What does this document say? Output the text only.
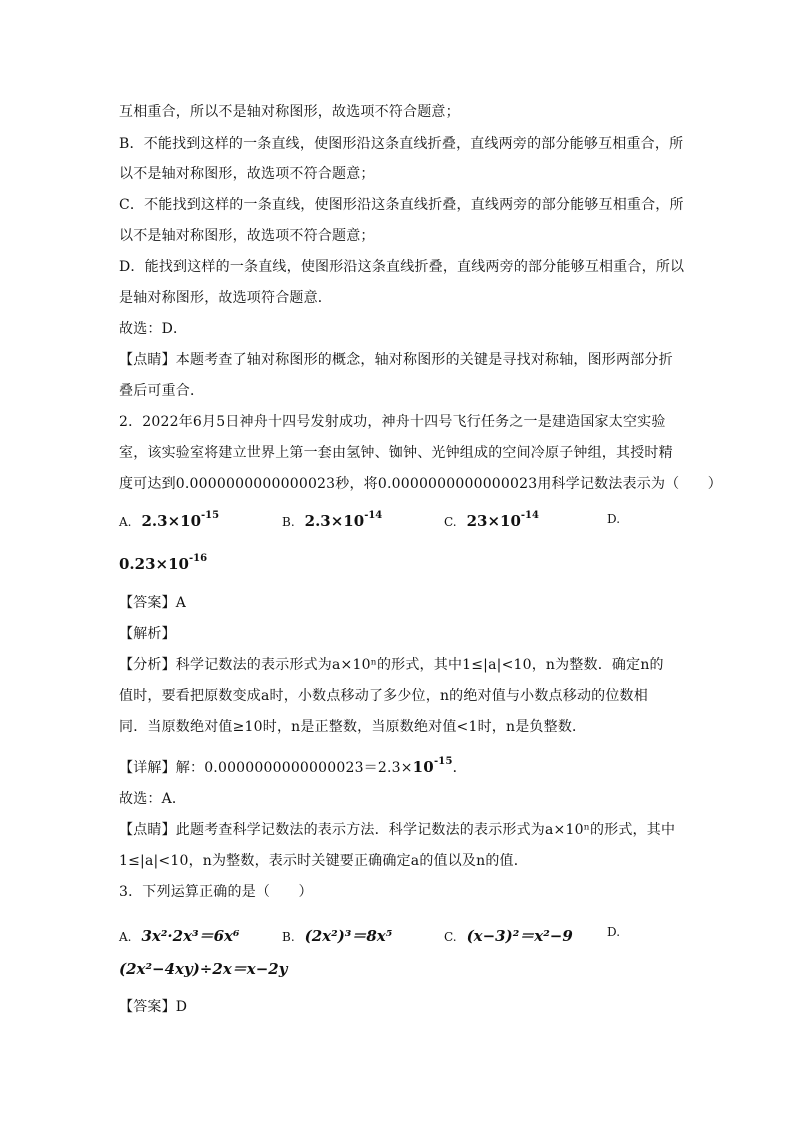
互相重合，所以不是轴对称图形，故选项不符合题意；
B．不能找到这样的一条直线，使图形沿这条直线折叠，直线两旁的部分能够互相重合，所
以不是轴对称图形，故选项不符合题意；
C．不能找到这样的一条直线，使图形沿这条直线折叠，直线两旁的部分能够互相重合，所
以不是轴对称图形，故选项不符合题意；
D．能找到这样的一条直线，使图形沿这条直线折叠，直线两旁的部分能够互相重合，所以
是轴对称图形，故选项符合题意．
故选：D．
【点睛】本题考查了轴对称图形的概念，轴对称图形的关键是寻找对称轴，图形两部分折
叠后可重合．
2．2022年6月5日神舟十四号发射成功，神舟十四号飞行任务之一是建造国家太空实验
室，该实验室将建立世界上第一套由氢钟、铷钟、光钟组成的空间冷原子钟组，其授时精
度可达到0.0000000000000023秒，将0.0000000000000023用科学记数法表示为（　　）
A. $2.3\times 10^{-15}$	B. $2.3\times 10^{-14}$	C. $23\times 10^{-14}$	D.
$0.23\times 10^{-16}$
【答案】A
【解析】
【分析】科学记数法的表示形式为a×10ⁿ的形式，其中1≤|a|<10，n为整数．确定n的
值时，要看把原数变成a时，小数点移动了多少位，n的绝对值与小数点移动的位数相
同．当原数绝对值≥10时，n是正整数，当原数绝对值<1时，n是负整数．
【详解】解：$0.0000000000000023=2.3\times 10^{-15}$．
故选：A．
【点睛】此题考查科学记数法的表示方法．科学记数法的表示形式为a×10ⁿ的形式，其中
1≤|a|<10，n为整数，表示时关键要正确确定a的值以及n的值．
3．下列运算正确的是（　　）
A. 3x²·2x³＝6x⁶	B. (2x²)³＝8x⁵	C. (x−3)²＝x²−9	D.
(2x²−4xy)÷2x＝x−2y
【答案】D
